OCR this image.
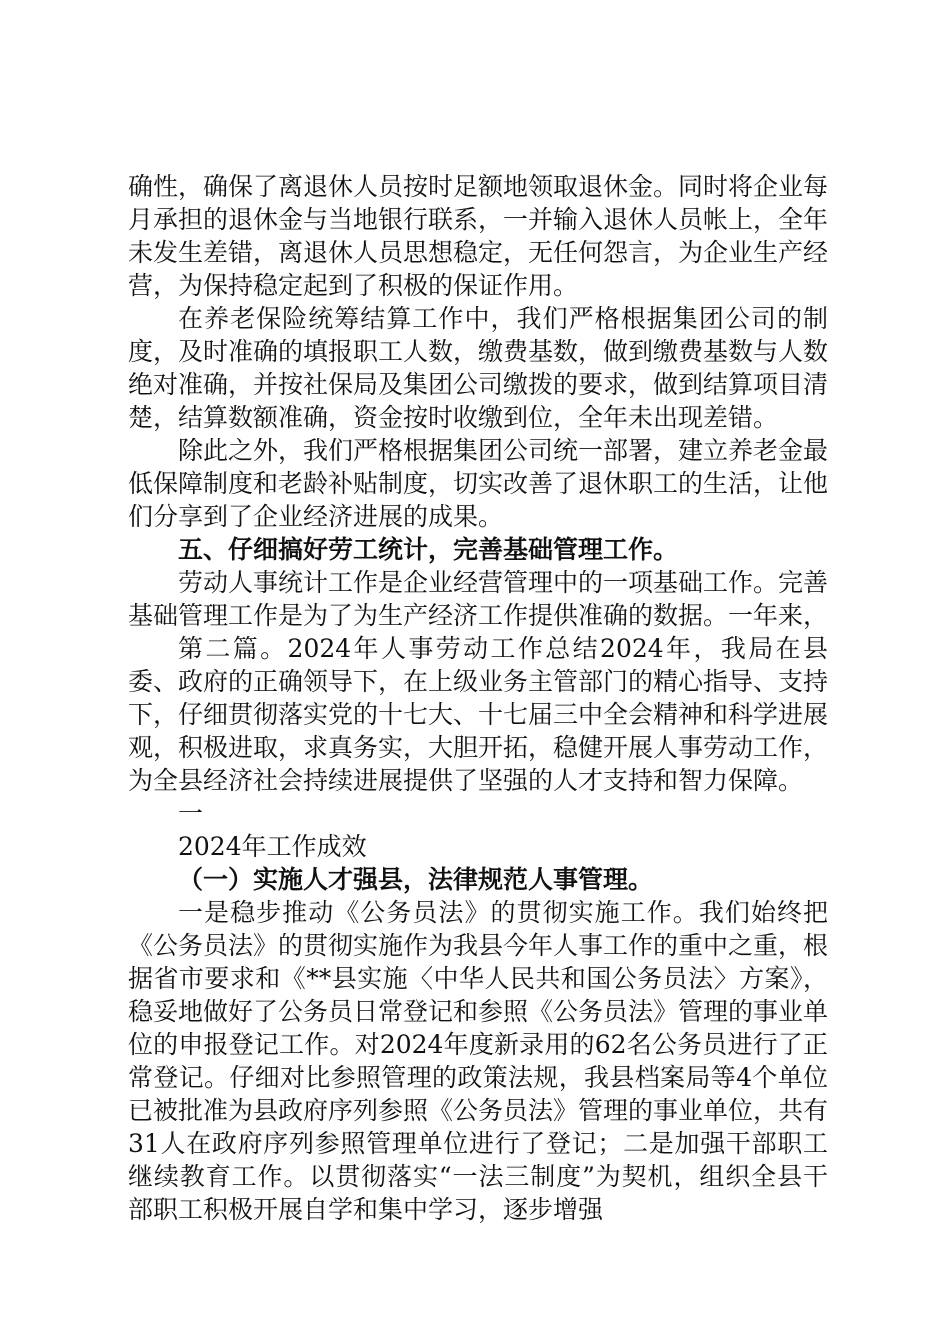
确性，确保了离退休人员按时足额地领取退休金。同时将企业每月承担的退休金与当地银行联系，一并输入退休人员帐上，全年未发生差错，离退休人员思想稳定，无任何怨言，为企业生产经营，为保持稳定起到了积极的保证作用。

在养老保险统筹结算工作中，我们严格根据集团公司的制度，及时准确的填报职工人数，缴费基数，做到缴费基数与人数绝对准确，并按社保局及集团公司缴拨的要求，做到结算项目清楚，结算数额准确，资金按时收缴到位，全年未出现差错。

除此之外，我们严格根据集团公司统一部署，建立养老金最低保障制度和老龄补贴制度，切实改善了退休职工的生活，让他们分享到了企业经济进展的成果。

五、仔细搞好劳工统计，完善基础管理工作。

劳动人事统计工作是企业经营管理中的一项基础工作。完善基础管理工作是为了为生产经济工作提供准确的数据。一年来，

第二篇。2024年人事劳动工作总结2024年，我局在县委、政府的正确领导下，在上级业务主管部门的精心指导、支持下，仔细贯彻落实党的十七大、十七届三中全会精神和科学进展观，积极进取，求真务实，大胆开拓，稳健开展人事劳动工作，为全县经济社会持续进展提供了坚强的人才支持和智力保障。

一

2024年工作成效

（一）实施人才强县，法律规范人事管理。

一是稳步推动《公务员法》的贯彻实施工作。我们始终把《公务员法》的贯彻实施作为我县今年人事工作的重中之重，根据省市要求和《**县实施〈中华人民共和国公务员法〉方案》，稳妥地做好了公务员日常登记和参照《公务员法》管理的事业单位的申报登记工作。对2024年度新录用的62名公务员进行了正常登记。仔细对比参照管理的政策法规，我县档案局等4个单位已被批准为县政府序列参照《公务员法》管理的事业单位，共有31人在政府序列参照管理单位进行了登记；二是加强干部职工继续教育工作。以贯彻落实“一法三制度”为契机，组织全县干部职工积极开展自学和集中学习，逐步增强
